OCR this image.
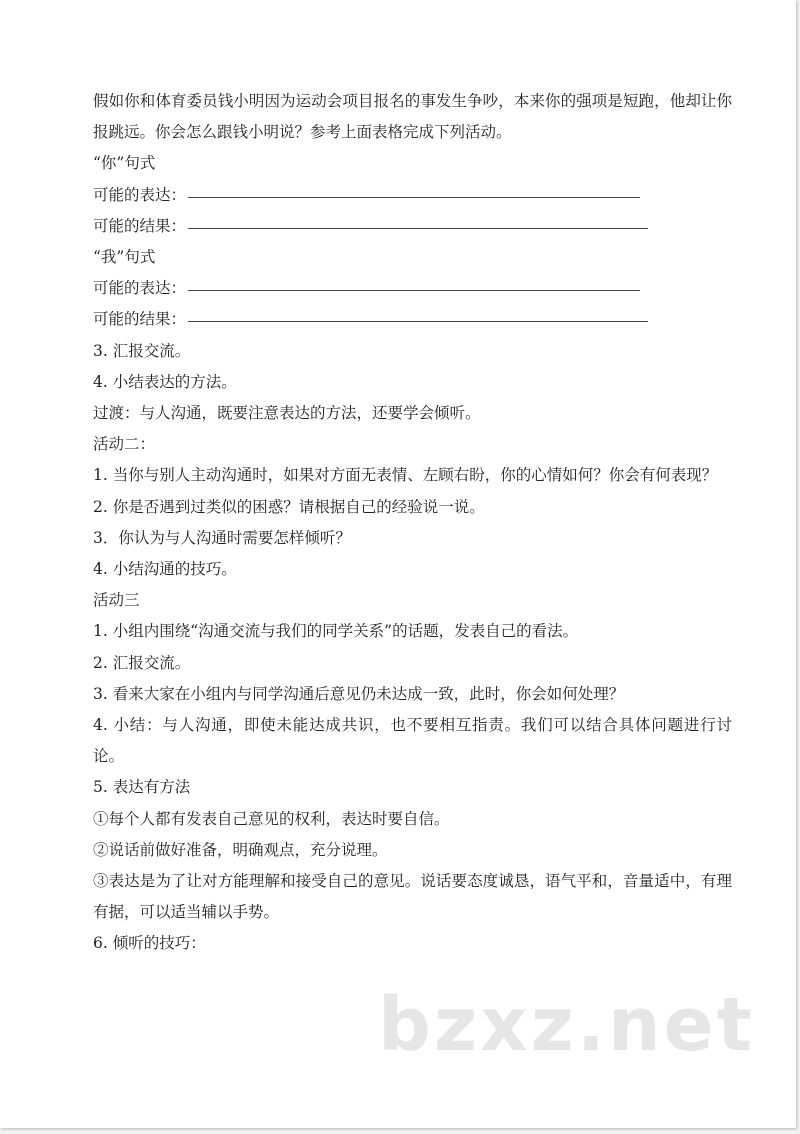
假如你和体育委员钱小明因为运动会项目报名的事发生争吵，本来你的强项是短跑，他却让你报跳远。你会怎么跟钱小明说？参考上面表格完成下列活动。

“你”句式

可能的表达：

可能的结果：

“我”句式

可能的表达：

可能的结果：

3. 汇报交流。

4. 小结表达的方法。

过渡：与人沟通，既要注意表达的方法，还要学会倾听。

活动二：

1. 当你与别人主动沟通时，如果对方面无表情、左顾右盼，你的心情如何？你会有何表现？

2. 你是否遇到过类似的困惑？请根据自己的经验说一说。

3．你认为与人沟通时需要怎样倾听？

4. 小结沟通的技巧。

活动三

1. 小组内围绕“沟通交流与我们的同学关系”的话题，发表自己的看法。

2. 汇报交流。

3. 看来大家在小组内与同学沟通后意见仍未达成一致，此时，你会如何处理？

4. 小结：与人沟通，即使未能达成共识，也不要相互指责。我们可以结合具体问题进行讨论。

5. 表达有方法

①每个人都有发表自己意见的权利，表达时要自信。

②说话前做好准备，明确观点，充分说理。

③表达是为了让对方能理解和接受自己的意见。说话要态度诚恳，语气平和，音量适中，有理有据，可以适当辅以手势。

6. 倾听的技巧：

bzxz.net
